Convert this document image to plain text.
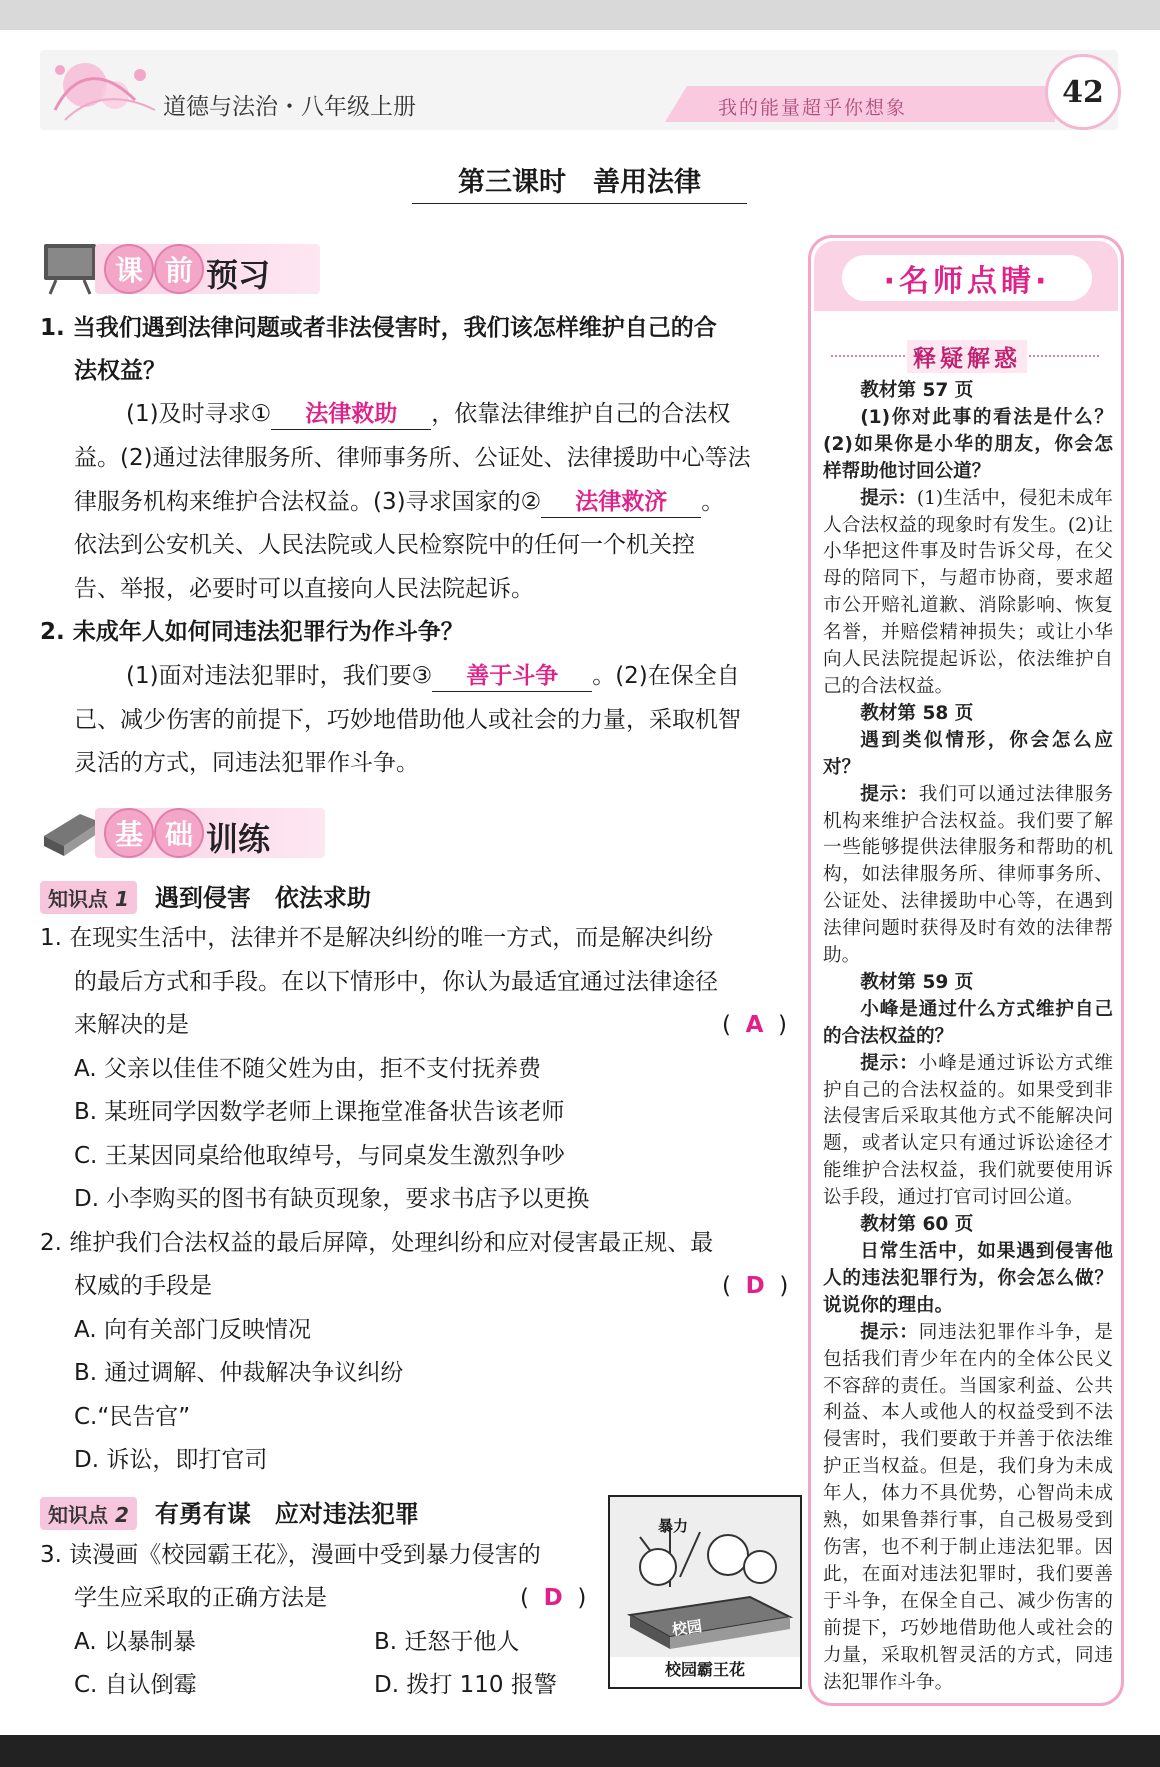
道德与法治・八年级上册	我的能量超乎你想象	42
第三课时　善用法律
课 前 预习
1. 当我们遇到法律问题或者非法侵害时，我们该怎样维护自己的合
法权益？
(1)及时寻求① 法律救助 ，依靠法律维护自己的合法权
益。(2)通过法律服务所、律师事务所、公证处、法律援助中心等法
律服务机构来维护合法权益。(3)寻求国家的② 法律救济 。
依法到公安机关、人民法院或人民检察院中的任何一个机关控
告、举报，必要时可以直接向人民法院起诉。
2. 未成年人如何同违法犯罪行为作斗争？
(1)面对违法犯罪时，我们要③ 善于斗争 。(2)在保全自
己、减少伤害的前提下，巧妙地借助他人或社会的力量，采取机智
灵活的方式，同违法犯罪作斗争。
基 础 训练
知识点 1 遇到侵害　依法求助
1. 在现实生活中，法律并不是解决纠纷的唯一方式，而是解决纠纷
的最后方式和手段。在以下情形中，你认为最适宜通过法律途径
来解决的是	(  A  )
A. 父亲以佳佳不随父姓为由，拒不支付抚养费
B. 某班同学因数学老师上课拖堂准备状告该老师
C. 王某因同桌给他取绰号，与同桌发生激烈争吵
D. 小李购买的图书有缺页现象，要求书店予以更换
2. 维护我们合法权益的最后屏障，处理纠纷和应对侵害最正规、最
权威的手段是	(  D  )
A. 向有关部门反映情况
B. 通过调解、仲裁解决争议纠纷
C.“民告官”
D. 诉讼，即打官司
知识点 2 有勇有谋　应对违法犯罪
3. 读漫画《校园霸王花》，漫画中受到暴力侵害的
学生应采取的正确方法是	(  D  )
A. 以暴制暴	B. 迁怒于他人
C. 自认倒霉	D. 拨打 110 报警
暴力
校园
校园霸王花
·名师点睛·
释疑解惑

教材第 57 页

(1)你对此事的看法是什么？(2)如果你是小华的朋友，你会怎样帮助他讨回公道？

提示：(1)生活中，侵犯未成年人合法权益的现象时有发生。(2)让小华把这件事及时告诉父母，在父母的陪同下，与超市协商，要求超市公开赔礼道歉、消除影响、恢复名誉，并赔偿精神损失；或让小华向人民法院提起诉讼，依法维护自己的合法权益。

教材第 58 页

遇到类似情形，你会怎么应对？

提示：我们可以通过法律服务机构来维护合法权益。我们要了解一些能够提供法律服务和帮助的机构，如法律服务所、律师事务所、公证处、法律援助中心等，在遇到法律问题时获得及时有效的法律帮助。

教材第 59 页

小峰是通过什么方式维护自己的合法权益的？

提示：小峰是通过诉讼方式维护自己的合法权益的。如果受到非法侵害后采取其他方式不能解决问题，或者认定只有通过诉讼途径才能维护合法权益，我们就要使用诉讼手段，通过打官司讨回公道。

教材第 60 页

日常生活中，如果遇到侵害他人的违法犯罪行为，你会怎么做？说说你的理由。

提示：同违法犯罪作斗争，是包括我们青少年在内的全体公民义不容辞的责任。当国家利益、公共利益、本人或他人的权益受到不法侵害时，我们要敢于并善于依法维护正当权益。但是，我们身为未成年人，体力不具优势，心智尚未成熟，如果鲁莽行事，自己极易受到伤害，也不利于制止违法犯罪。因此，在面对违法犯罪时，我们要善于斗争，在保全自己、减少伤害的前提下，巧妙地借助他人或社会的力量，采取机智灵活的方式，同违法犯罪作斗争。
